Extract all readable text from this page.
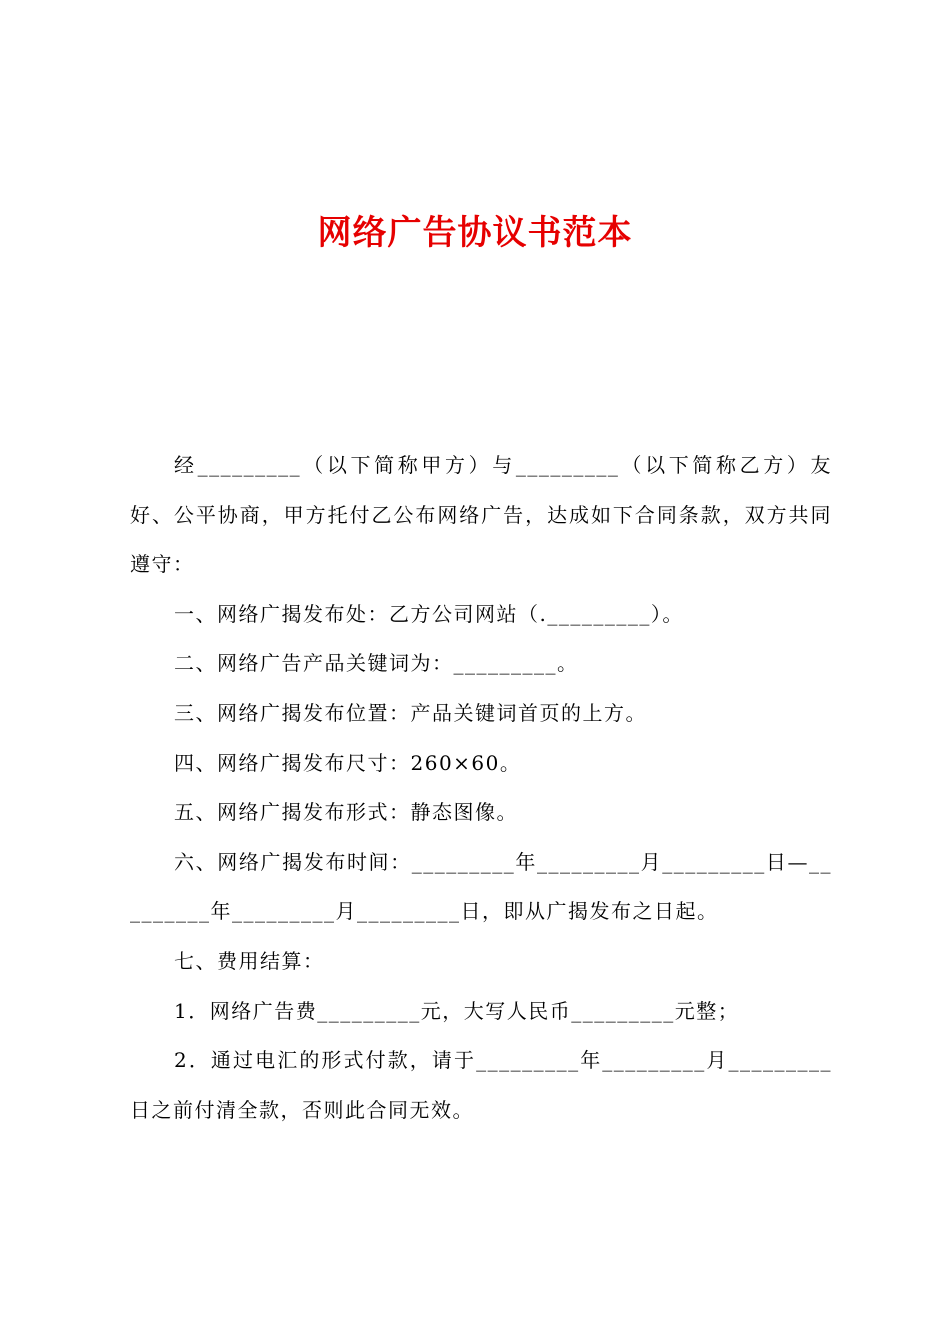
网络广告协议书范本

经_________（以下简称甲方）与_________（以下简称乙方）友好、公平协商，甲方托付乙公布网络广告，达成如下合同条款，双方共同遵守：

一、网络广揭发布处：乙方公司网站（._________）。

二、网络广告产品关键词为：_________。

三、网络广揭发布位置：产品关键词首页的上方。

四、网络广揭发布尺寸：260×60。

五、网络广揭发布形式：静态图像。

六、网络广揭发布时间：_________年_________月_________日—_________年_________月_________日，即从广揭发布之日起。

七、费用结算：

1．网络广告费_________元，大写人民币_________元整；

2．通过电汇的形式付款，请于_________年_________月_________日之前付清全款，否则此合同无效。
